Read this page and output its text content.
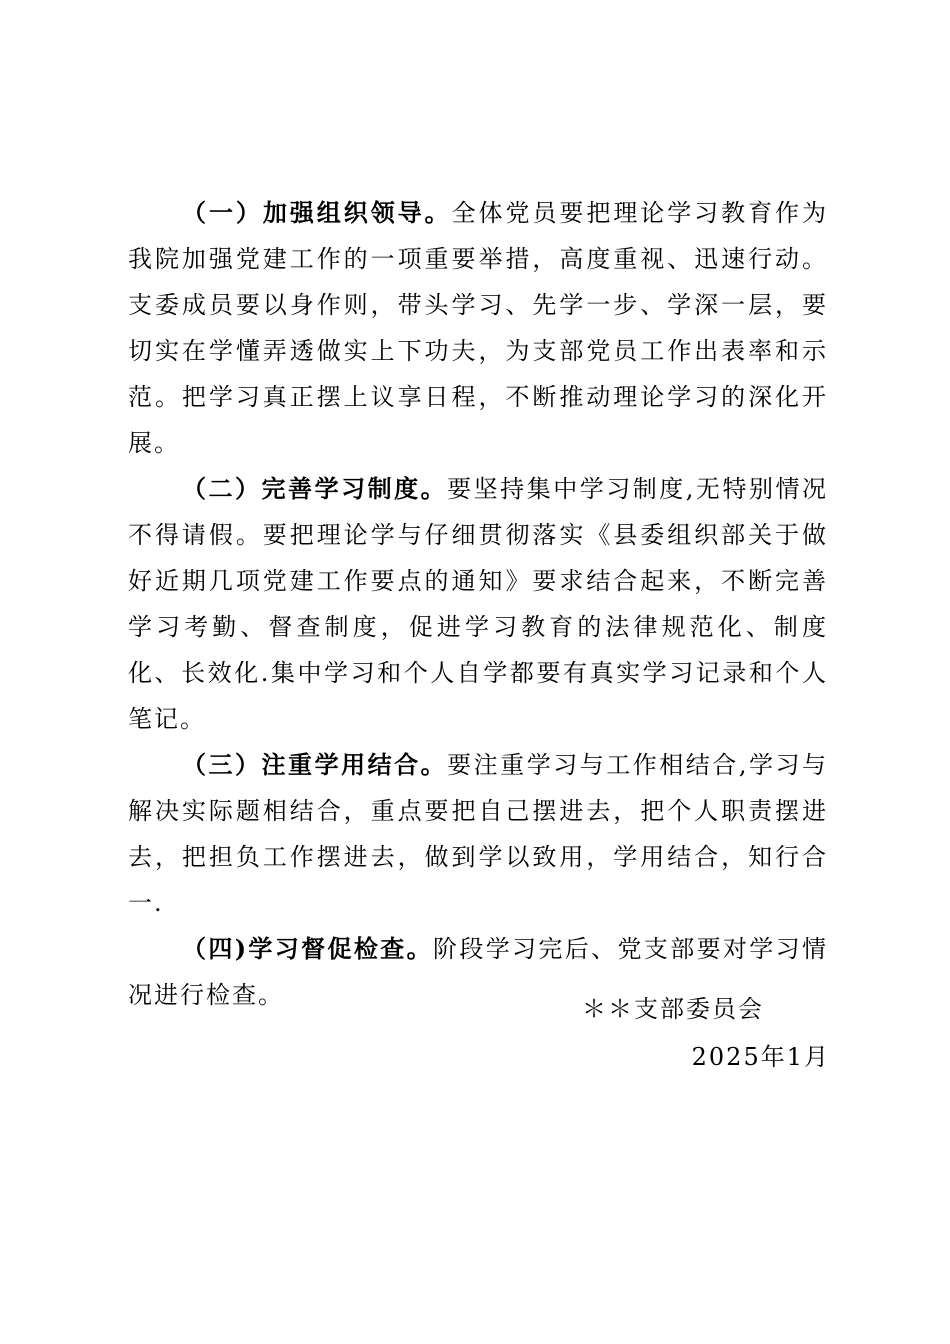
（一）加强组织领导。全体党员要把理论学习教育作为我院加强党建工作的一项重要举措，高度重视、迅速行动。支委成员要以身作则，带头学习、先学一步、学深一层，要切实在学懂弄透做实上下功夫，为支部党员工作出表率和示范。把学习真正摆上议享日程，不断推动理论学习的深化开展。

（二）完善学习制度。要坚持集中学习制度,无特别情况不得请假。要把理论学与仔细贯彻落实《县委组织部关于做好近期几项党建工作要点的通知》要求结合起来，不断完善学习考勤、督查制度，促进学习教育的法律规范化、制度化、长效化.集中学习和个人自学都要有真实学习记录和个人笔记。

（三）注重学用结合。要注重学习与工作相结合,学习与解决实际题相结合，重点要把自己摆进去，把个人职责摆进去，把担负工作摆进去，做到学以致用，学用结合，知行合一.

（四)学习督促检查。阶段学习完后、党支部要对学习情况进行检查。	＊＊支部委员会
2025年1月
